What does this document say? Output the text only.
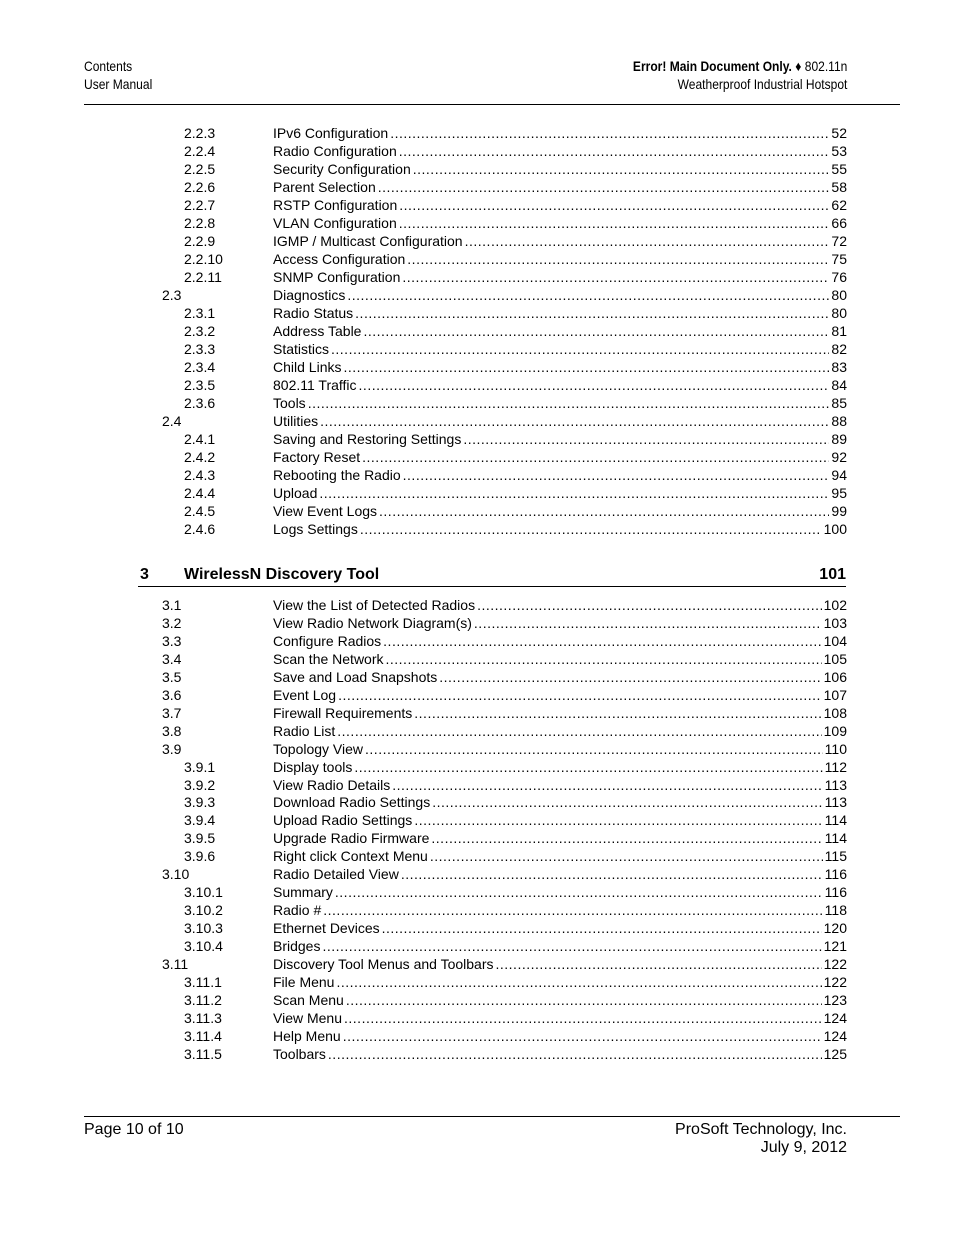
Contents
User Manual
Error! Main Document Only. ♦ 802.11n
Weatherproof Industrial Hotspot
2.2.3	IPv6 Configuration .....	52
2.2.4	Radio Configuration .....	53
2.2.5	Security Configuration .....	55
2.2.6	Parent Selection .....	58
2.2.7	RSTP Configuration .....	62
2.2.8	VLAN Configuration .....	66
2.2.9	IGMP / Multicast Configuration .....	72
2.2.10	Access Configuration .....	75
2.2.11	SNMP Configuration .....	76
2.3	Diagnostics .....	80
2.3.1	Radio Status .....	80
2.3.2	Address Table .....	81
2.3.3	Statistics .....	82
2.3.4	Child Links .....	83
2.3.5	802.11 Traffic .....	84
2.3.6	Tools .....	85
2.4	Utilities .....	88
2.4.1	Saving and Restoring Settings .....	89
2.4.2	Factory Reset .....	92
2.4.3	Rebooting the Radio .....	94
2.4.4	Upload .....	95
2.4.5	View Event Logs .....	99
2.4.6	Logs Settings .....	100
3 WirelessN Discovery Tool	101
3.1	View the List of Detected Radios .....	102
3.2	View Radio Network Diagram(s) .....	103
3.3	Configure Radios .....	104
3.4	Scan the Network .....	105
3.5	Save and Load Snapshots .....	106
3.6	Event Log .....	107
3.7	Firewall Requirements .....	108
3.8	Radio List .....	109
3.9	Topology View .....	110
3.9.1	Display tools .....	112
3.9.2	View Radio Details .....	113
3.9.3	Download Radio Settings .....	113
3.9.4	Upload Radio Settings .....	114
3.9.5	Upgrade Radio Firmware .....	114
3.9.6	Right click Context Menu .....	115
3.10	Radio Detailed View .....	116
3.10.1	Summary .....	116
3.10.2	Radio # .....	118
3.10.3	Ethernet Devices .....	120
3.10.4	Bridges .....	121
3.11	Discovery Tool Menus and Toolbars .....	122
3.11.1	File Menu .....	122
3.11.2	Scan Menu .....	123
3.11.3	View Menu .....	124
3.11.4	Help Menu .....	124
3.11.5	Toolbars .....	125
Page 10 of 10	ProSoft Technology, Inc.
July 9, 2012
